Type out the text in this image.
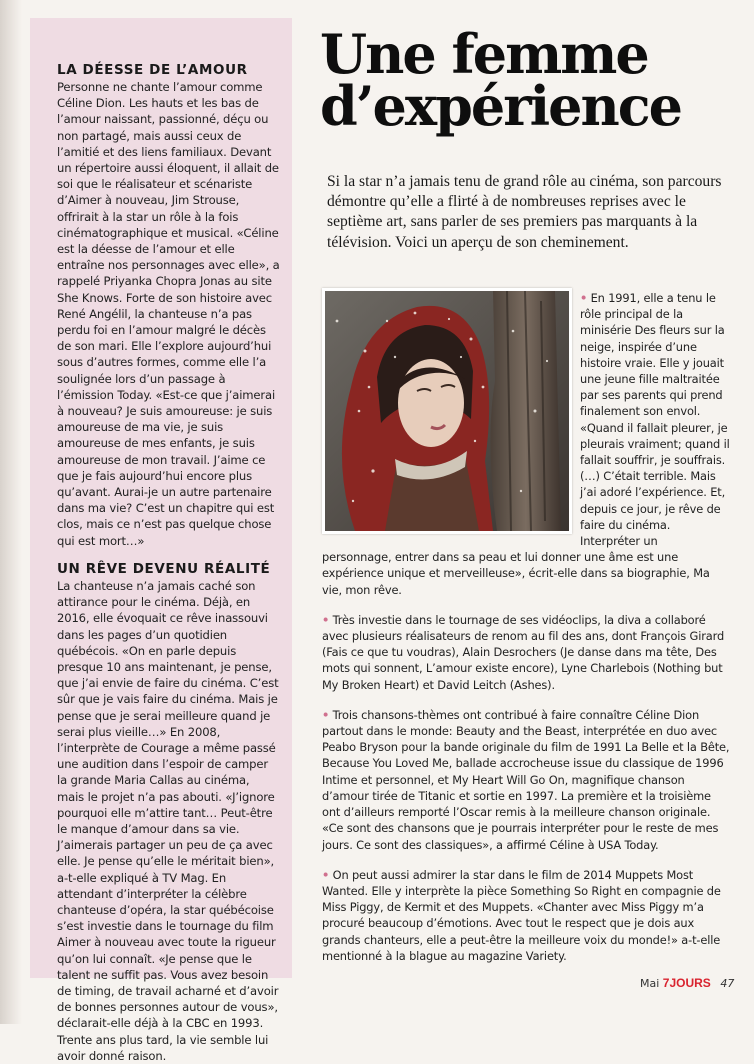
LA DÉESSE DE L’AMOUR

Personne ne chante l’amour comme Céline Dion. Les hauts et les bas de l’amour naissant, passionné, déçu ou non partagé, mais aussi ceux de l’amitié et des liens familiaux. Devant un répertoire aussi éloquent, il allait de soi que le réalisateur et scénariste d’Aimer à nouveau, Jim Strouse, offrirait à la star un rôle à la fois cinématographique et musical. «Céline est la déesse de l’amour et elle entraîne nos personnages avec elle», a rappelé Priyanka Chopra Jonas au site She Knows. Forte de son histoire avec René Angélil, la chanteuse n’a pas perdu foi en l’amour malgré le décès de son mari. Elle l’explore aujourd’hui sous d’autres formes, comme elle l’a soulignée lors d’un passage à l’émission Today. «Est-ce que j’aimerai à nouveau? Je suis amoureuse: je suis amoureuse de ma vie, je suis amoureuse de mes enfants, je suis amoureuse de mon travail. J’aime ce que je fais aujourd’hui encore plus qu’avant. Aurai-je un autre partenaire dans ma vie? C’est un chapitre qui est clos, mais ce n’est pas quelque chose qui est mort…»

UN RÊVE DEVENU RÉALITÉ

La chanteuse n’a jamais caché son attirance pour le cinéma. Déjà, en 2016, elle évoquait ce rêve inassouvi dans les pages d’un quotidien québécois. «On en parle depuis presque 10 ans maintenant, je pense, que j’ai envie de faire du cinéma. C’est sûr que je vais faire du cinéma. Mais je pense que je serai meilleure quand je serai plus vieille…» En 2008, l’interprète de Courage a même passé une audition dans l’espoir de camper la grande Maria Callas au cinéma, mais le projet n’a pas abouti. «J’ignore pourquoi elle m’attire tant… Peut-être le manque d’amour dans sa vie. J’aimerais partager un peu de ça avec elle. Je pense qu’elle le méritait bien», a-t-elle expliqué à TV Mag. En attendant d’interpréter la célèbre chanteuse d’opéra, la star québécoise s’est investie dans le tournage du film Aimer à nouveau avec toute la rigueur qu’on lui connaît. «Je pense que le talent ne suffit pas. Vous avez besoin de timing, de travail acharné et d’avoir de bonnes personnes autour de vous», déclarait-elle déjà à la CBC en 1993. Trente ans plus tard, la vie semble lui avoir donné raison.

Une femme
d’expérience

Si la star n’a jamais tenu de grand rôle au cinéma, son parcours démontre qu’elle a flirté à de nombreuses reprises avec le septième art, sans parler de ses premiers pas marquants à la télévision. Voici un aperçu de son cheminement.

• En 1991, elle a tenu le rôle principal de la minisérie Des fleurs sur la neige, inspirée d’une histoire vraie. Elle y jouait une jeune fille maltraitée par ses parents qui prend finalement son envol. «Quand il fallait pleurer, je pleurais vraiment; quand il fallait souffrir, je souffrais. (…) C’était terrible. Mais j’ai adoré l’expérience. Et, depuis ce jour, je rêve de faire du cinéma. Interpréter un personnage, entrer dans sa peau et lui donner une âme est une expérience unique et merveilleuse», écrit-elle dans sa biographie, Ma vie, mon rêve.

• Très investie dans le tournage de ses vidéoclips, la diva a collaboré avec plusieurs réalisateurs de renom au fil des ans, dont François Girard (Fais ce que tu voudras), Alain Desrochers (Je danse dans ma tête, Des mots qui sonnent, L’amour existe encore), Lyne Charlebois (Nothing but My Broken Heart) et David Leitch (Ashes).

• Trois chansons-thèmes ont contribué à faire connaître Céline Dion partout dans le monde: Beauty and the Beast, interprétée en duo avec Peabo Bryson pour la bande originale du film de 1991 La Belle et la Bête, Because You Loved Me, ballade accrocheuse issue du classique de 1996 Intime et personnel, et My Heart Will Go On, magnifique chanson d’amour tirée de Titanic et sortie en 1997. La première et la troisième ont d’ailleurs remporté l’Oscar remis à la meilleure chanson originale. «Ce sont des chansons que je pourrais interpréter pour le reste de mes jours. Ce sont des classiques», a affirmé Céline à USA Today.

• On peut aussi admirer la star dans le film de 2014 Muppets Most Wanted. Elle y interprète la pièce Something So Right en compagnie de Miss Piggy, de Kermit et des Muppets. «Chanter avec Miss Piggy m’a procuré beaucoup d’émotions. Avec tout le respect que je dois aux grands chanteurs, elle a peut-être la meilleure voix du monde!» a-t-elle mentionné à la blague au magazine Variety.

Mai 7JOURS 47
